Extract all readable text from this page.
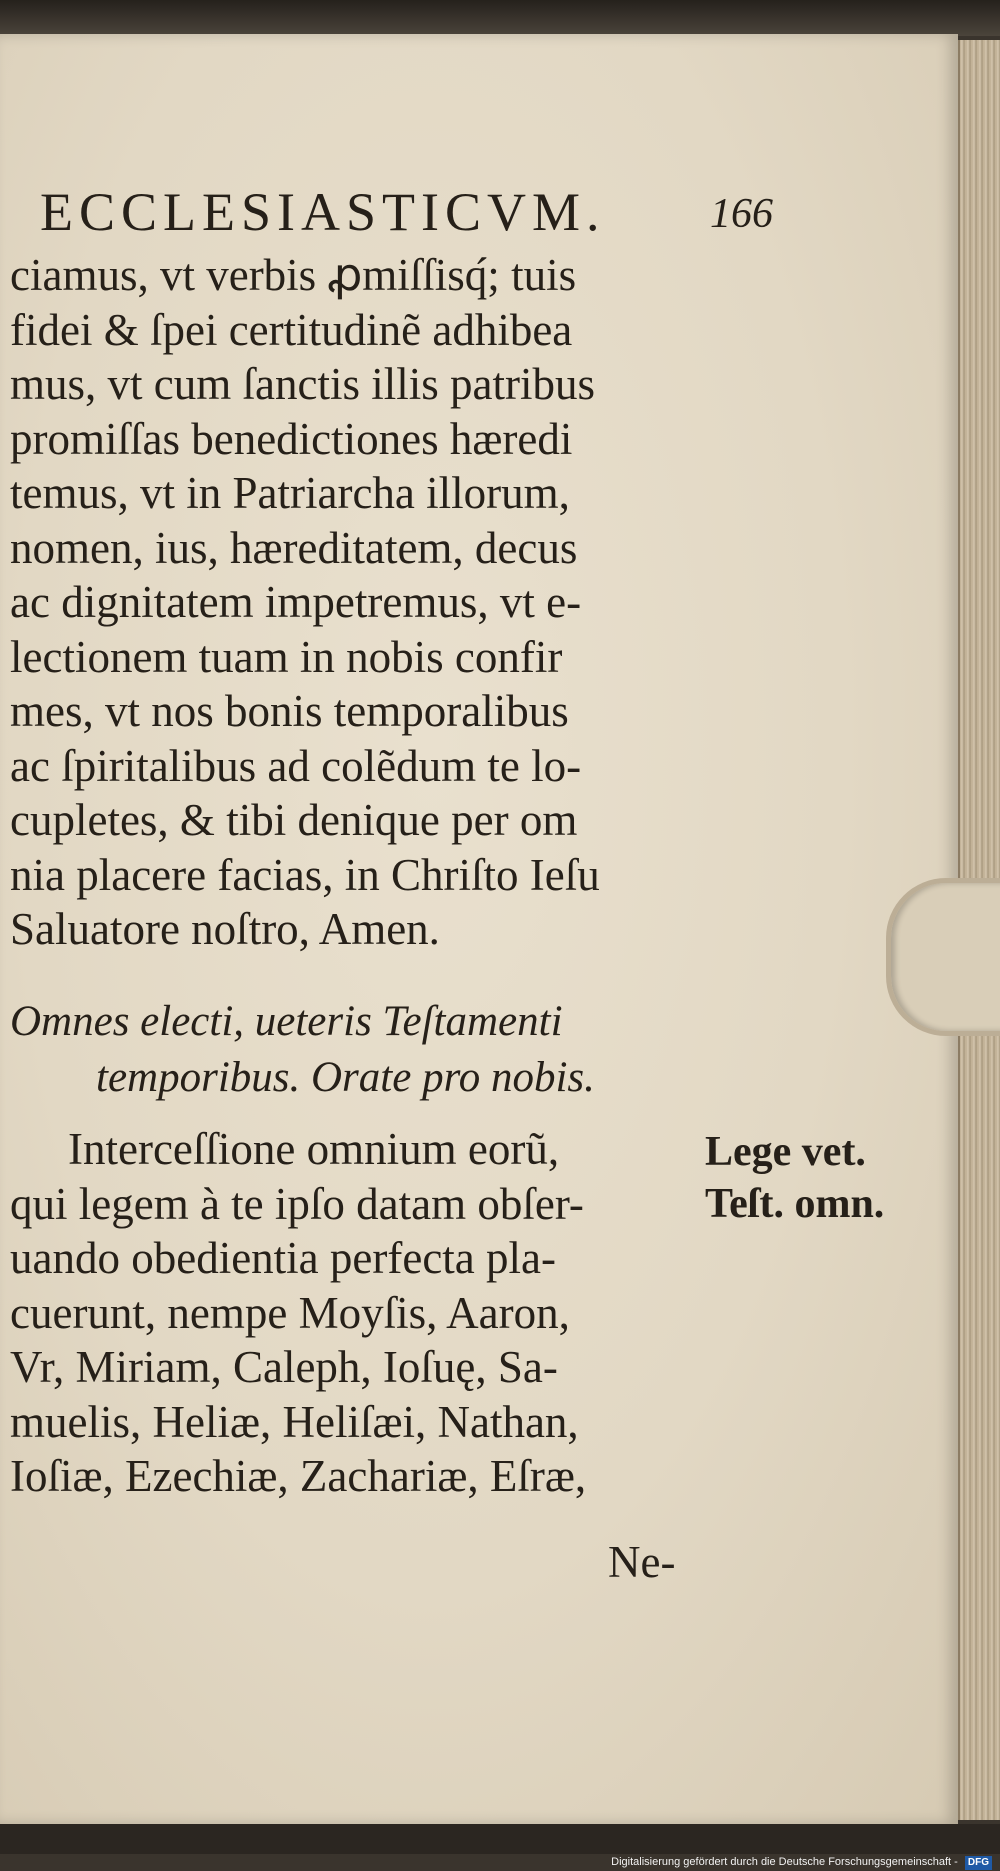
ECCLESIASTICVM.	166
ciamus, vt verbis ꝓmiſſisq́; tuis
fidei & ſpei certitudinẽ adhibea
mus, vt cum ſanctis illis patribus
promiſſas benedictiones hæredi
temus, vt in Patriarcha illorum,
nomen, ius, hæreditatem, decus
ac dignitatem impetremus, vt e-
lectionem tuam in nobis confir
mes, vt nos bonis temporalibus
ac ſpiritalibus ad colẽdum te lo-
cupletes, & tibi denique per om
nia placere facias, in Chriſto Ieſu
Saluatore noſtro, Amen.
Omnes electi, ueteris Teſtamenti
temporibus. Orate pro nobis.
Interceſſione omnium eorũ,
qui legem à te ipſo datam obſer-
uando obedientia perfecta pla-
cuerunt, nempe Moyſis, Aaron,
Vr, Miriam, Caleph, Ioſuę, Sa-
muelis, Heliæ, Heliſæi, Nathan,
Ioſiæ, Ezechiæ, Zachariæ, Eſræ,
Ne-
Lege vet.
Teſt. omn.
Digitalisierung gefördert durch die Deutsche Forschungsgemeinschaft - DFG
